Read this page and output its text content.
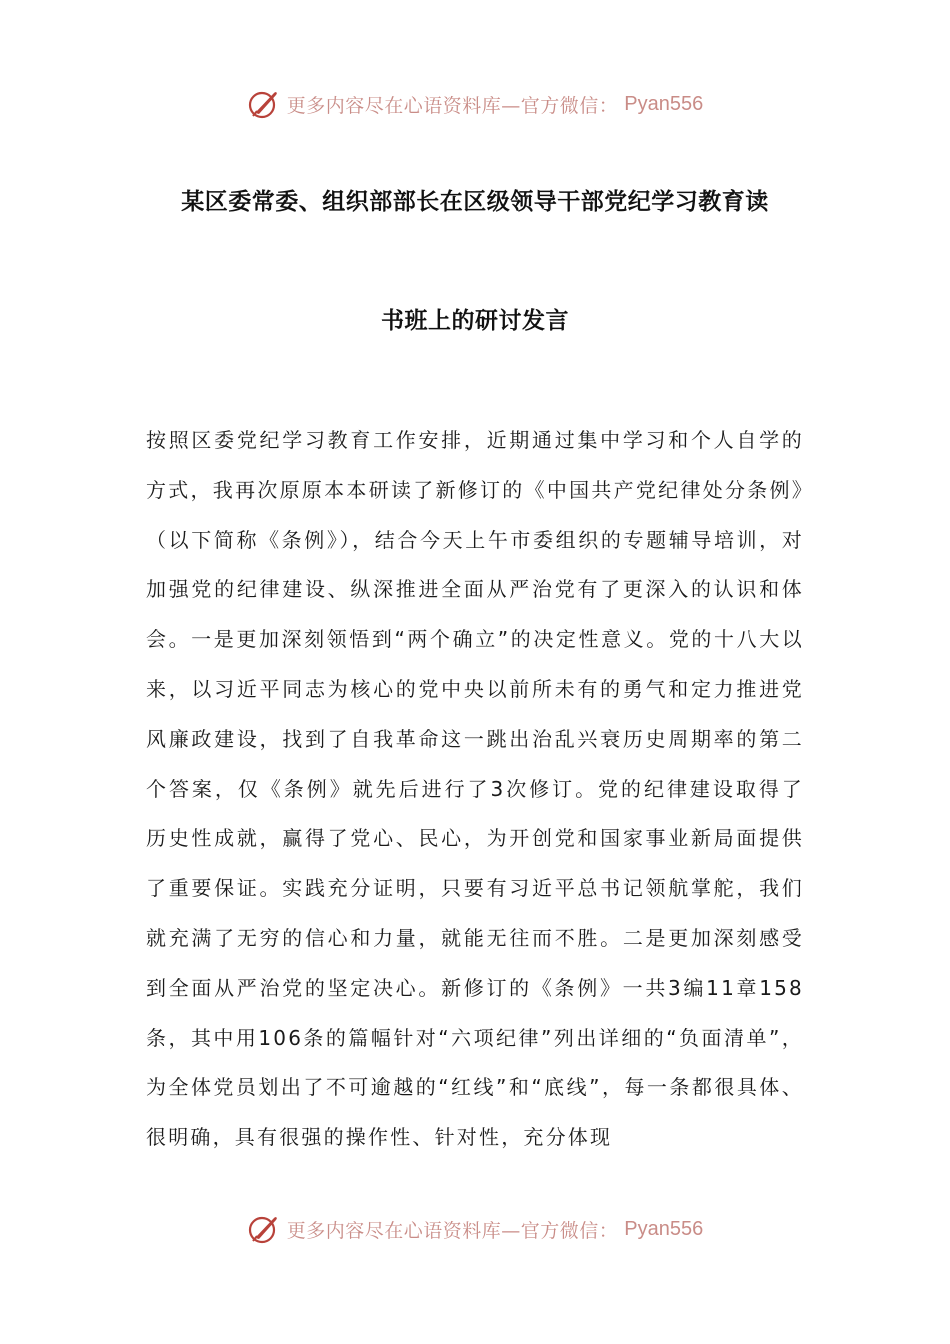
更多内容尽在心语资料库—官方微信： Pyan556
某区委常委、组织部部长在区级领导干部党纪学习教育读
书班上的研讨发言

按照区委党纪学习教育工作安排，近期通过集中学习和个人自学的方式，我再次原原本本研读了新修订的《中国共产党纪律处分条例》（以下简称《条例》），结合今天上午市委组织的专题辅导培训，对加强党的纪律建设、纵深推进全面从严治党有了更深入的认识和体会。一是更加深刻领悟到“两个确立”的决定性意义。党的十八大以来，以习近平同志为核心的党中央以前所未有的勇气和定力推进党风廉政建设，找到了自我革命这一跳出治乱兴衰历史周期率的第二个答案，仅《条例》就先后进行了3次修订。党的纪律建设取得了历史性成就，赢得了党心、民心，为开创党和国家事业新局面提供了重要保证。实践充分证明，只要有习近平总书记领航掌舵，我们就充满了无穷的信心和力量，就能无往而不胜。二是更加深刻感受到全面从严治党的坚定决心。新修订的《条例》一共3编11章158条，其中用106条的篇幅针对“六项纪律”列出详细的“负面清单”，为全体党员划出了不可逾越的“红线”和“底线”，每一条都很具体、很明确，具有很强的操作性、针对性，充分体现

更多内容尽在心语资料库—官方微信： Pyan556
